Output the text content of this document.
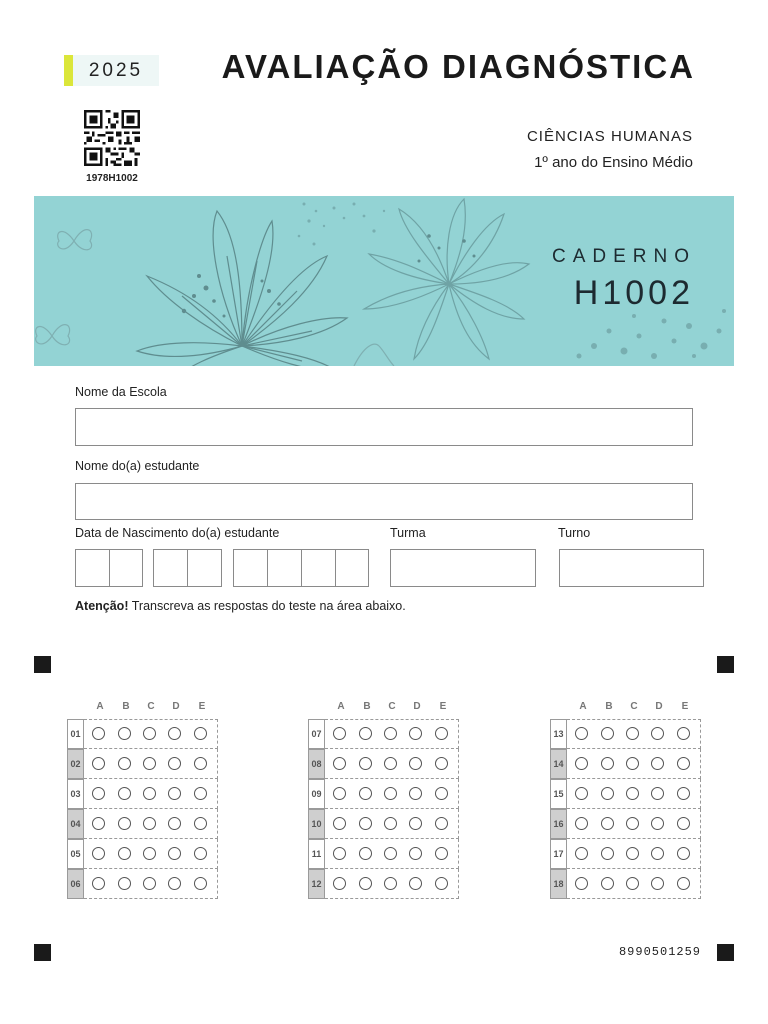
2025	AVALIAÇÃO DIAGNÓSTICA
1978H1002
CIÊNCIAS HUMANAS
1º ano do Ensino Médio
CADERNO
H1002
Nome da Escola
Nome do(a) estudante
Data de Nascimento do(a) estudante	Turma	Turno
Atenção! Transcreva as respostas do teste na área abaixo.
A	B	C	D	E
01
02
03
04
05
06
A	B	C	D	E
07
08
09
10
11
12
A	B	C	D	E
13
14
15
16
17
18
8990501259
